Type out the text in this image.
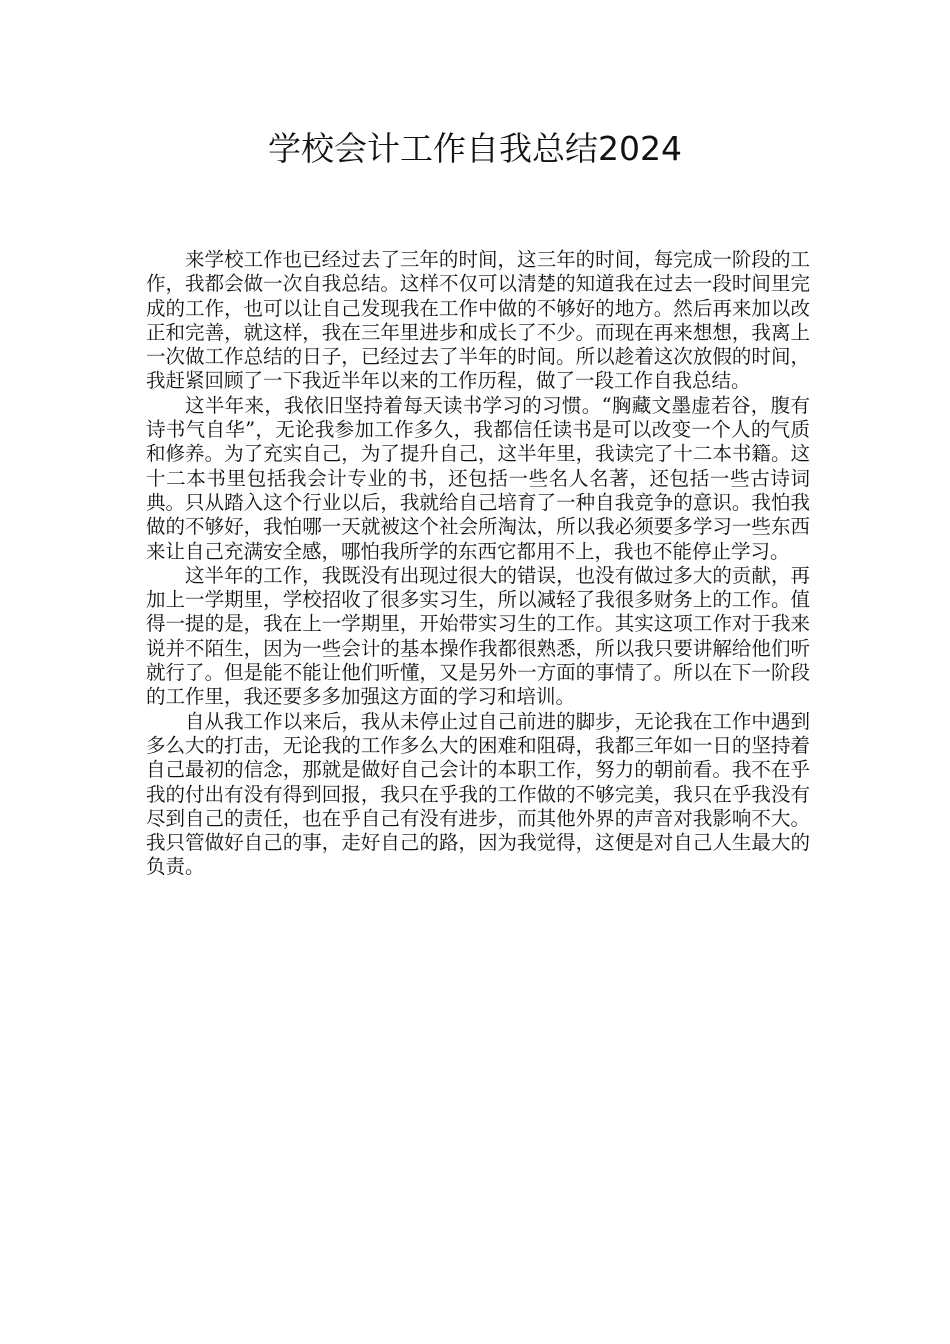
学校会计工作自我总结2024

来学校工作也已经过去了三年的时间，这三年的时间，每完成一阶段的工作，我都会做一次自我总结。这样不仅可以清楚的知道我在过去一段时间里完成的工作，也可以让自己发现我在工作中做的不够好的地方。然后再来加以改正和完善，就这样，我在三年里进步和成长了不少。而现在再来想想，我离上一次做工作总结的日子，已经过去了半年的时间。所以趁着这次放假的时间，我赶紧回顾了一下我近半年以来的工作历程，做了一段工作自我总结。

这半年来，我依旧坚持着每天读书学习的习惯。“胸藏文墨虚若谷，腹有诗书气自华”，无论我参加工作多久，我都信任读书是可以改变一个人的气质和修养。为了充实自己，为了提升自己，这半年里，我读完了十二本书籍。这十二本书里包括我会计专业的书，还包括一些名人名著，还包括一些古诗词典。只从踏入这个行业以后，我就给自己培育了一种自我竞争的意识。我怕我做的不够好，我怕哪一天就被这个社会所淘汰，所以我必须要多学习一些东西来让自己充满安全感，哪怕我所学的东西它都用不上，我也不能停止学习。

这半年的工作，我既没有出现过很大的错误，也没有做过多大的贡献，再加上一学期里，学校招收了很多实习生，所以减轻了我很多财务上的工作。值得一提的是，我在上一学期里，开始带实习生的工作。其实这项工作对于我来说并不陌生，因为一些会计的基本操作我都很熟悉，所以我只要讲解给他们听就行了。但是能不能让他们听懂，又是另外一方面的事情了。所以在下一阶段的工作里，我还要多多加强这方面的学习和培训。

自从我工作以来后，我从未停止过自己前进的脚步，无论我在工作中遇到多么大的打击，无论我的工作多么大的困难和阻碍，我都三年如一日的坚持着自己最初的信念，那就是做好自己会计的本职工作，努力的朝前看。我不在乎我的付出有没有得到回报，我只在乎我的工作做的不够完美，我只在乎我没有尽到自己的责任，也在乎自己有没有进步，而其他外界的声音对我影响不大。我只管做好自己的事，走好自己的路，因为我觉得，这便是对自己人生最大的负责。
